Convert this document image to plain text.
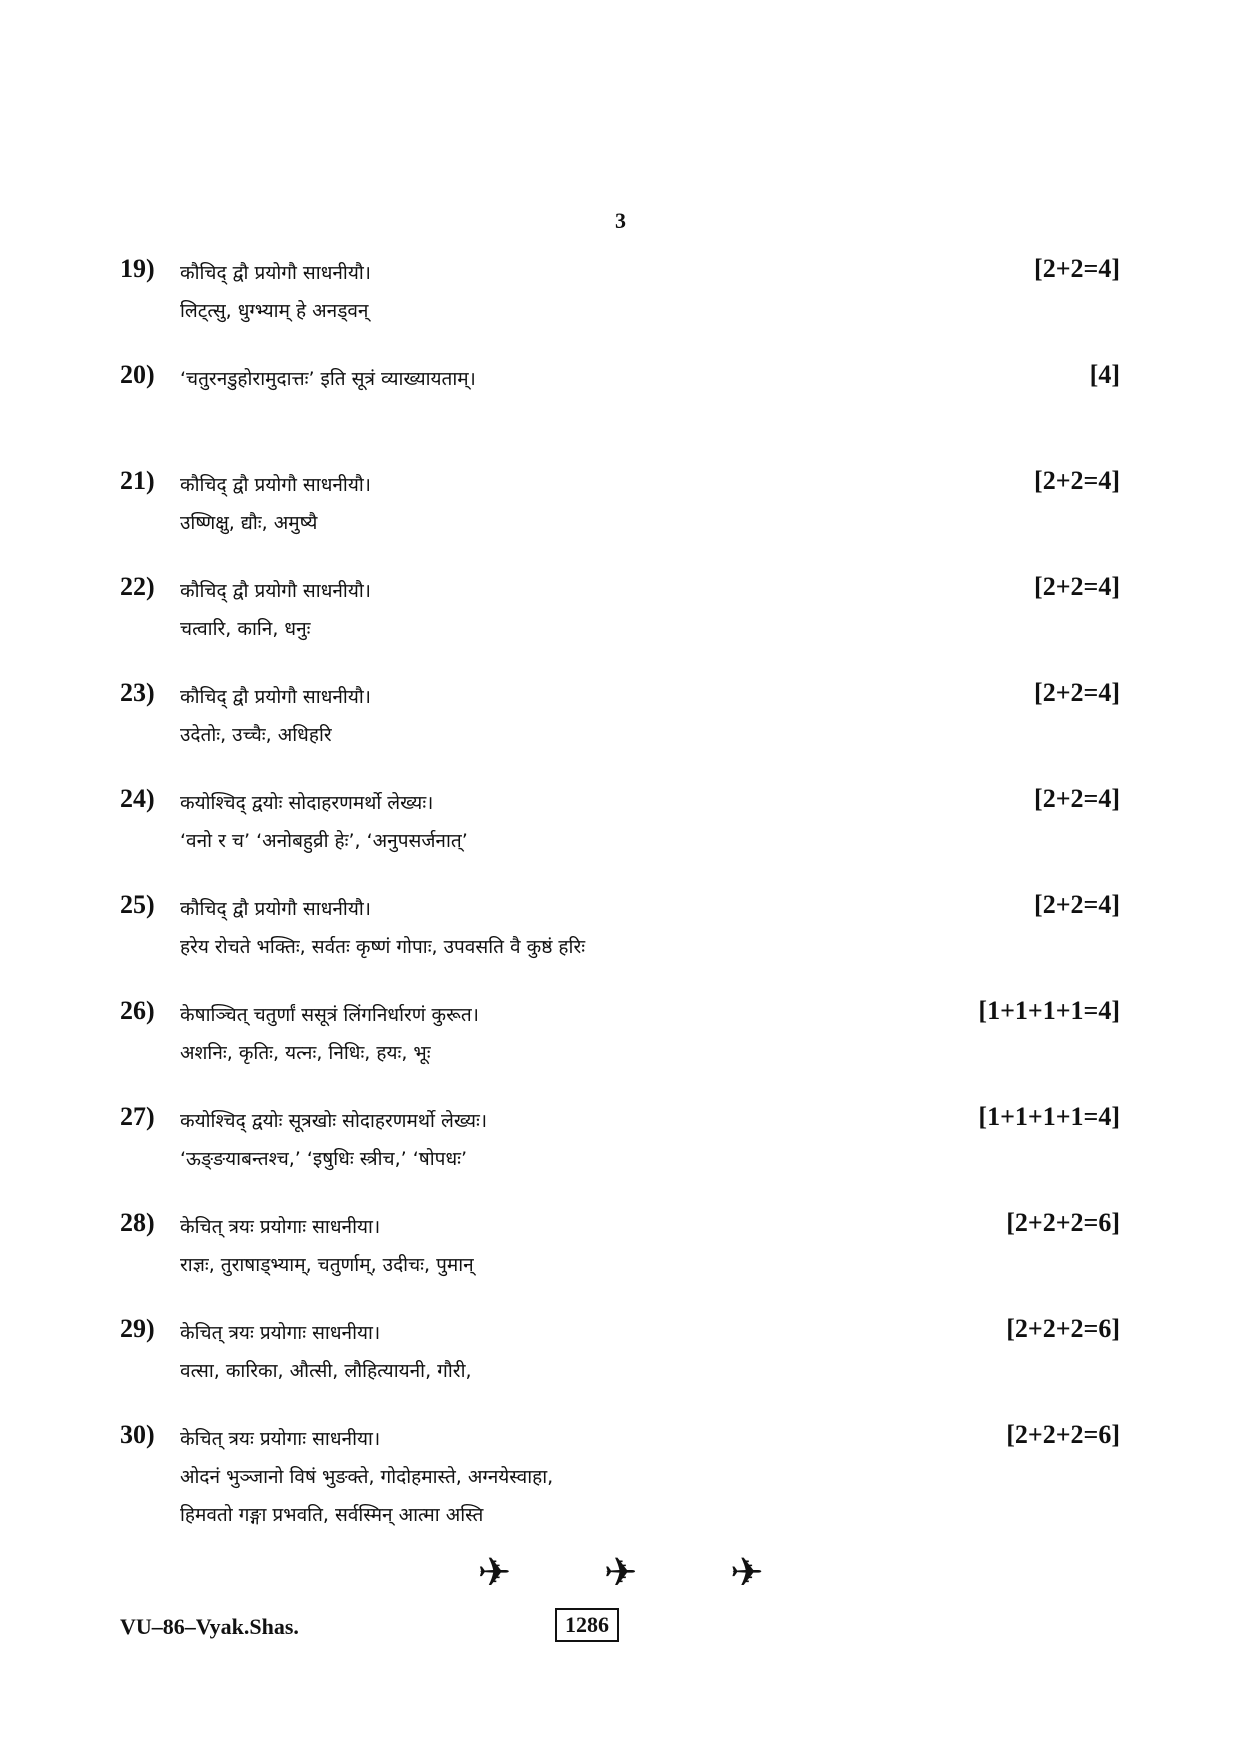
3
19) कौचिद् द्वौ प्रयोगौ साधनीयौ।
लिट्त्सु, धुग्भ्याम् हे अनड्वन्
[2+2=4]
20) ‘चतुरनडुहोरामुदात्तः’ इति सूत्रं व्याख्यायताम्।	[4]
21) कौचिद् द्वौ प्रयोगौ साधनीयौ।
उष्णिक्षु, द्यौः, अमुष्यै
[2+2=4]
22) कौचिद् द्वौ प्रयोगौ साधनीयौ।
चत्वारि, कानि, धनुः
[2+2=4]
23) कौचिद् द्वौ प्रयोगौ साधनीयौ।
उदेतोः, उच्चैः, अधिहरि
[2+2=4]
24) कयोश्चिद् द्वयोः सोदाहरणमर्थो लेख्यः।
‘वनो र च’ ‘अनोबहुव्री हेः’, ‘अनुपसर्जनात्’
[2+2=4]
25) कौचिद् द्वौ प्रयोगौ साधनीयौ।
हरेय रोचते भक्तिः, सर्वतः कृष्णं गोपाः, उपवसति वै कुष्ठं हरिः
[2+2=4]
26) केषाञ्चित् चतुर्णां ससूत्रं लिंगनिर्धारणं कुरूत।
अशनिः, कृतिः, यत्नः, निधिः, हयः, भूः
[1+1+1+1=4]
27) कयोश्चिद् द्वयोः सूत्रखोः सोदाहरणमर्थो लेख्यः।
‘ऊङ्ङयाबन्तश्च,’ ‘इषुधिः स्त्रीच,’ ‘षोपधः’
[1+1+1+1=4]
28) केचित् त्रयः प्रयोगाः साधनीया।
राज्ञः, तुराषाड्भ्याम्, चतुर्णाम्, उदीचः, पुमान्
[2+2+2=6]
29) केचित् त्रयः प्रयोगाः साधनीया।
वत्सा, कारिका, औत्सी, लौहित्यायनी, गौरी,
[2+2+2=6]
30) केचित् त्रयः प्रयोगाः साधनीया।
ओदनं भुञ्जानो विषं भुङक्ते, गोदोहमास्ते, अग्नयेस्वाहा,
हिमवतो गङ्गा प्रभवति, सर्वस्मिन् आत्मा अस्ति
[2+2+2=6]
✈ ✈ ✈
VU–86–Vyak.Shas.	1286
